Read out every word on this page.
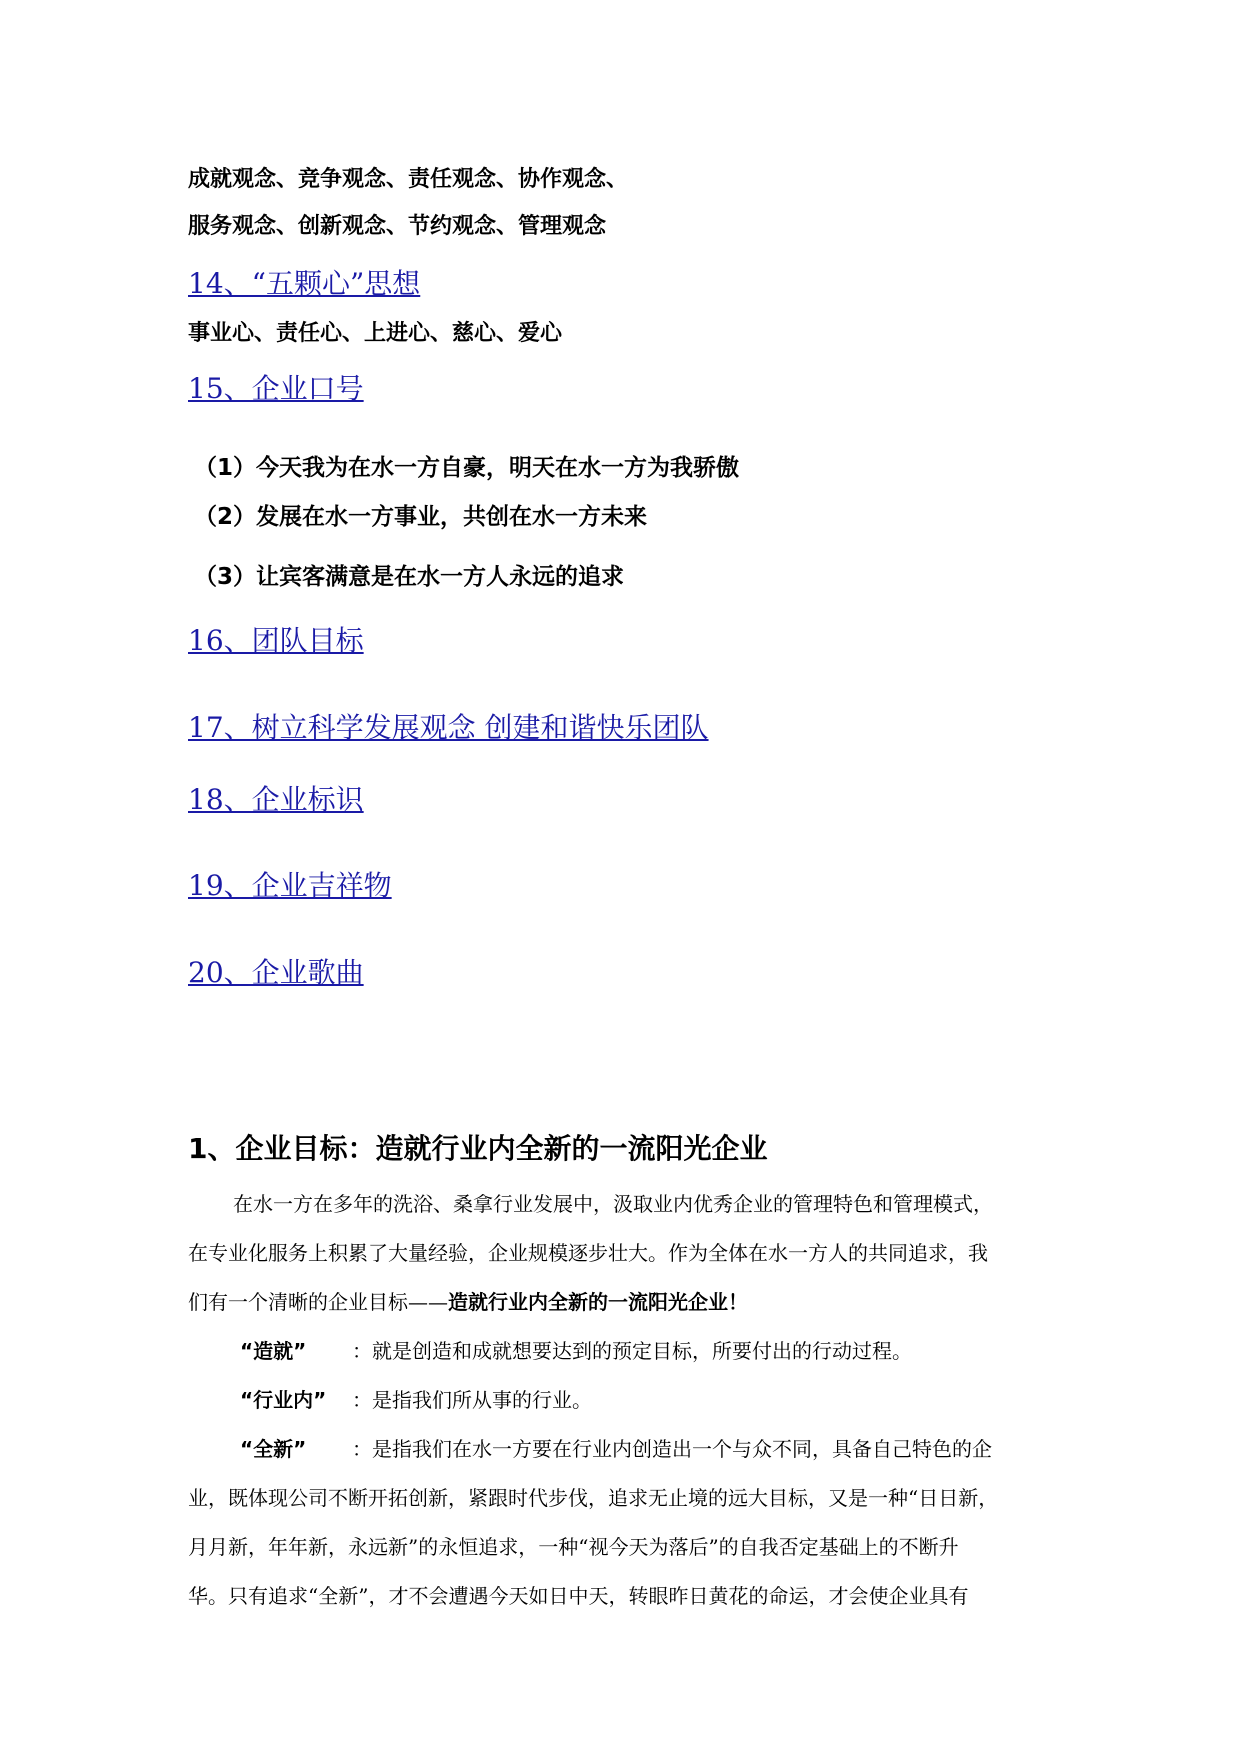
成就观念、竞争观念、责任观念、协作观念、
服务观念、创新观念、节约观念、管理观念
14、“五颗心”思想
事业心、责任心、上进心、慈心、爱心
15、企业口号
（1）今天我为在水一方自豪，明天在水一方为我骄傲
（2）发展在水一方事业，共创在水一方未来
（3）让宾客满意是在水一方人永远的追求
16、团队目标
17、树立科学发展观念 创建和谐快乐团队
18、企业标识
19、企业吉祥物
20、企业歌曲
1、企业目标：造就行业内全新的一流阳光企业
在水一方在多年的洗浴、桑拿行业发展中，汲取业内优秀企业的管理特色和管理模式，
在专业化服务上积累了大量经验，企业规模逐步壮大。作为全体在水一方人的共同追求，我
们有一个清晰的企业目标——造就行业内全新的一流阳光企业！
“造就” ：就是创造和成就想要达到的预定目标，所要付出的行动过程。
“行业内” ：是指我们所从事的行业。
“全新” ：是指我们在水一方要在行业内创造出一个与众不同，具备自己特色的企
业，既体现公司不断开拓创新，紧跟时代步伐，追求无止境的远大目标，又是一种“日日新，
月月新，年年新，永远新”的永恒追求，一种“视今天为落后”的自我否定基础上的不断升
华。只有追求“全新”，才不会遭遇今天如日中天，转眼昨日黄花的命运，才会使企业具有
